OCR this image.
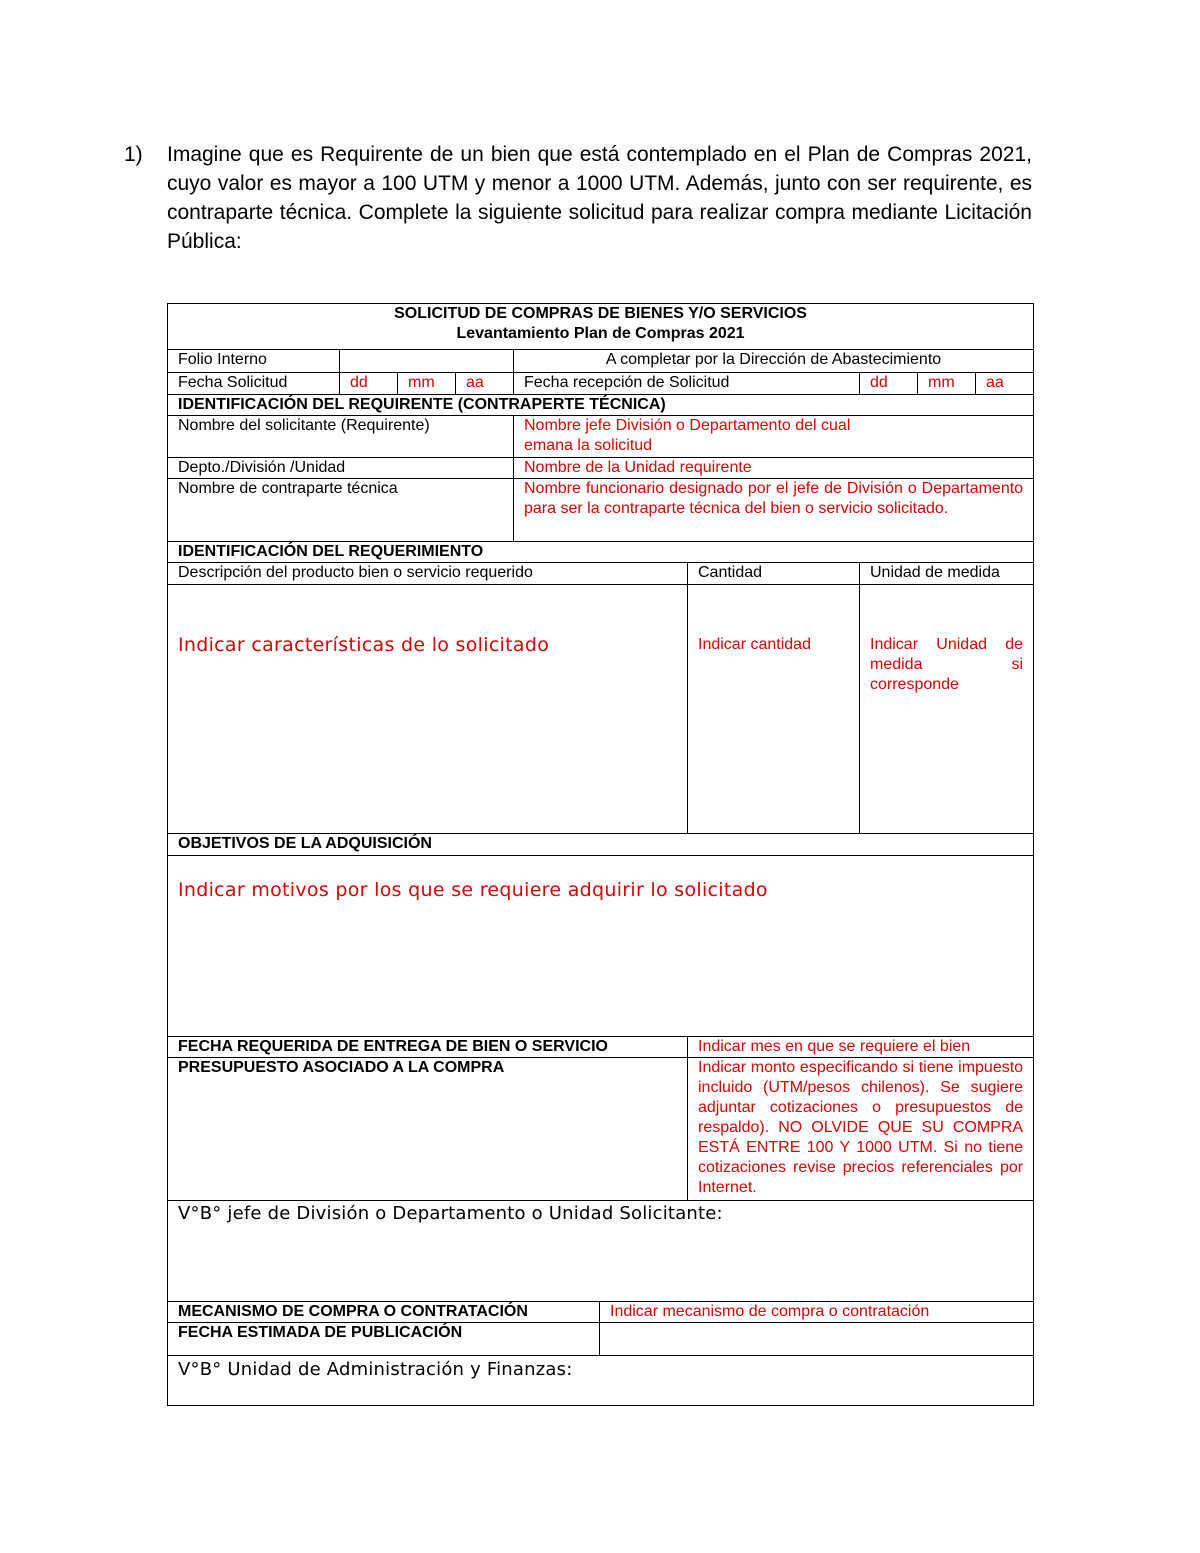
1) Imagine que es Requirente de un bien que está contemplado en el Plan de Compras 2021, cuyo valor es mayor a 100 UTM y menor a 1000 UTM. Además, junto con ser requirente, es contraparte técnica. Complete la siguiente solicitud para realizar compra mediante Licitación Pública:
SOLICITUD DE COMPRAS DE BIENES Y/O SERVICIOS
Levantamiento Plan de Compras 2021									

Folio Interno				A completar por la Dirección de Abastecimiento					
Fecha Solicitud	dd	mm	aa	Fecha recepción de Solicitud			dd	mm	aa
IDENTIFICACIÓN DEL REQUIRENTE (CONTRAPERTE TÉCNICA)									
Nombre del solicitante (Requirente)				Nombre jefe División o Departamento del cual emana la solicitud					
Depto./División /Unidad				Nombre de la Unidad requirente					
Nombre de contraparte técnica				Nombre funcionario designado por el jefe de División o Departamento para ser la contraparte técnica del bien o servicio solicitado.					
IDENTIFICACIÓN DEL REQUERIMIENTO									
Descripción del producto bien o servicio requerido						Cantidad	Unidad de medida		
Indicar características de lo solicitado						Indicar cantidad	Indicar Unidad de medida si corresponde		
OBJETIVOS DE LA ADQUISICIÓN									
Indicar motivos por los que se requiere adquirir lo solicitado									
FECHA REQUERIDA DE ENTREGA DE BIEN O SERVICIO						Indicar mes en que se requiere el bien			
PRESUPUESTO ASOCIADO A LA COMPRA						Indicar monto especificando si tiene impuesto incluido (UTM/pesos chilenos). Se sugiere adjuntar cotizaciones o presupuestos de respaldo). NO OLVIDE QUE SU COMPRA ESTÁ ENTRE 100 Y 1000 UTM. Si no tiene cotizaciones revise precios referenciales por Internet.			
V°B° jefe de División o Departamento o Unidad Solicitante:									
MECANISMO DE COMPRA O CONTRATACIÓN					Indicar mecanismo de compra o contratación				
FECHA ESTIMADA DE PUBLICACIÓN									
V°B° Unidad de Administración y Finanzas:									
